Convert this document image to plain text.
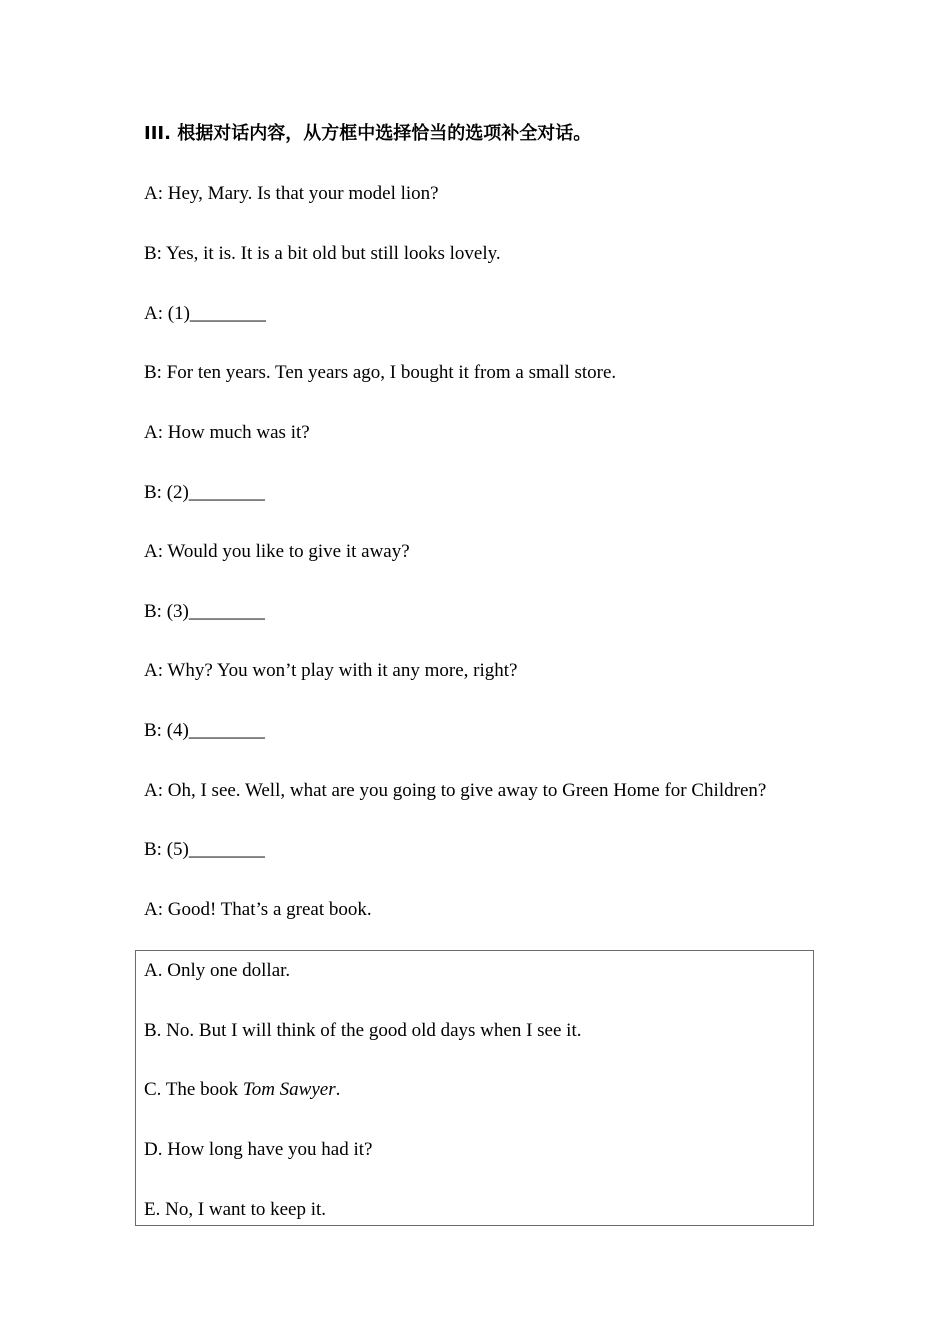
III. 根据对话内容，从方框中选择恰当的选项补全对话。
A: Hey, Mary. Is that your model lion?
B: Yes, it is. It is a bit old but still looks lovely.
A: (1)________
B: For ten years. Ten years ago, I bought it from a small store.
A: How much was it?
B: (2)________
A: Would you like to give it away?
B: (3)________
A: Why? You won’t play with it any more, right?
B: (4)________
A: Oh, I see. Well, what are you going to give away to Green Home for Children?
B: (5)________
A: Good! That’s a great book.
A. Only one dollar.
B. No. But I will think of the good old days when I see it.
C. The book Tom Sawyer.
D. How long have you had it?
E. No, I want to keep it.
